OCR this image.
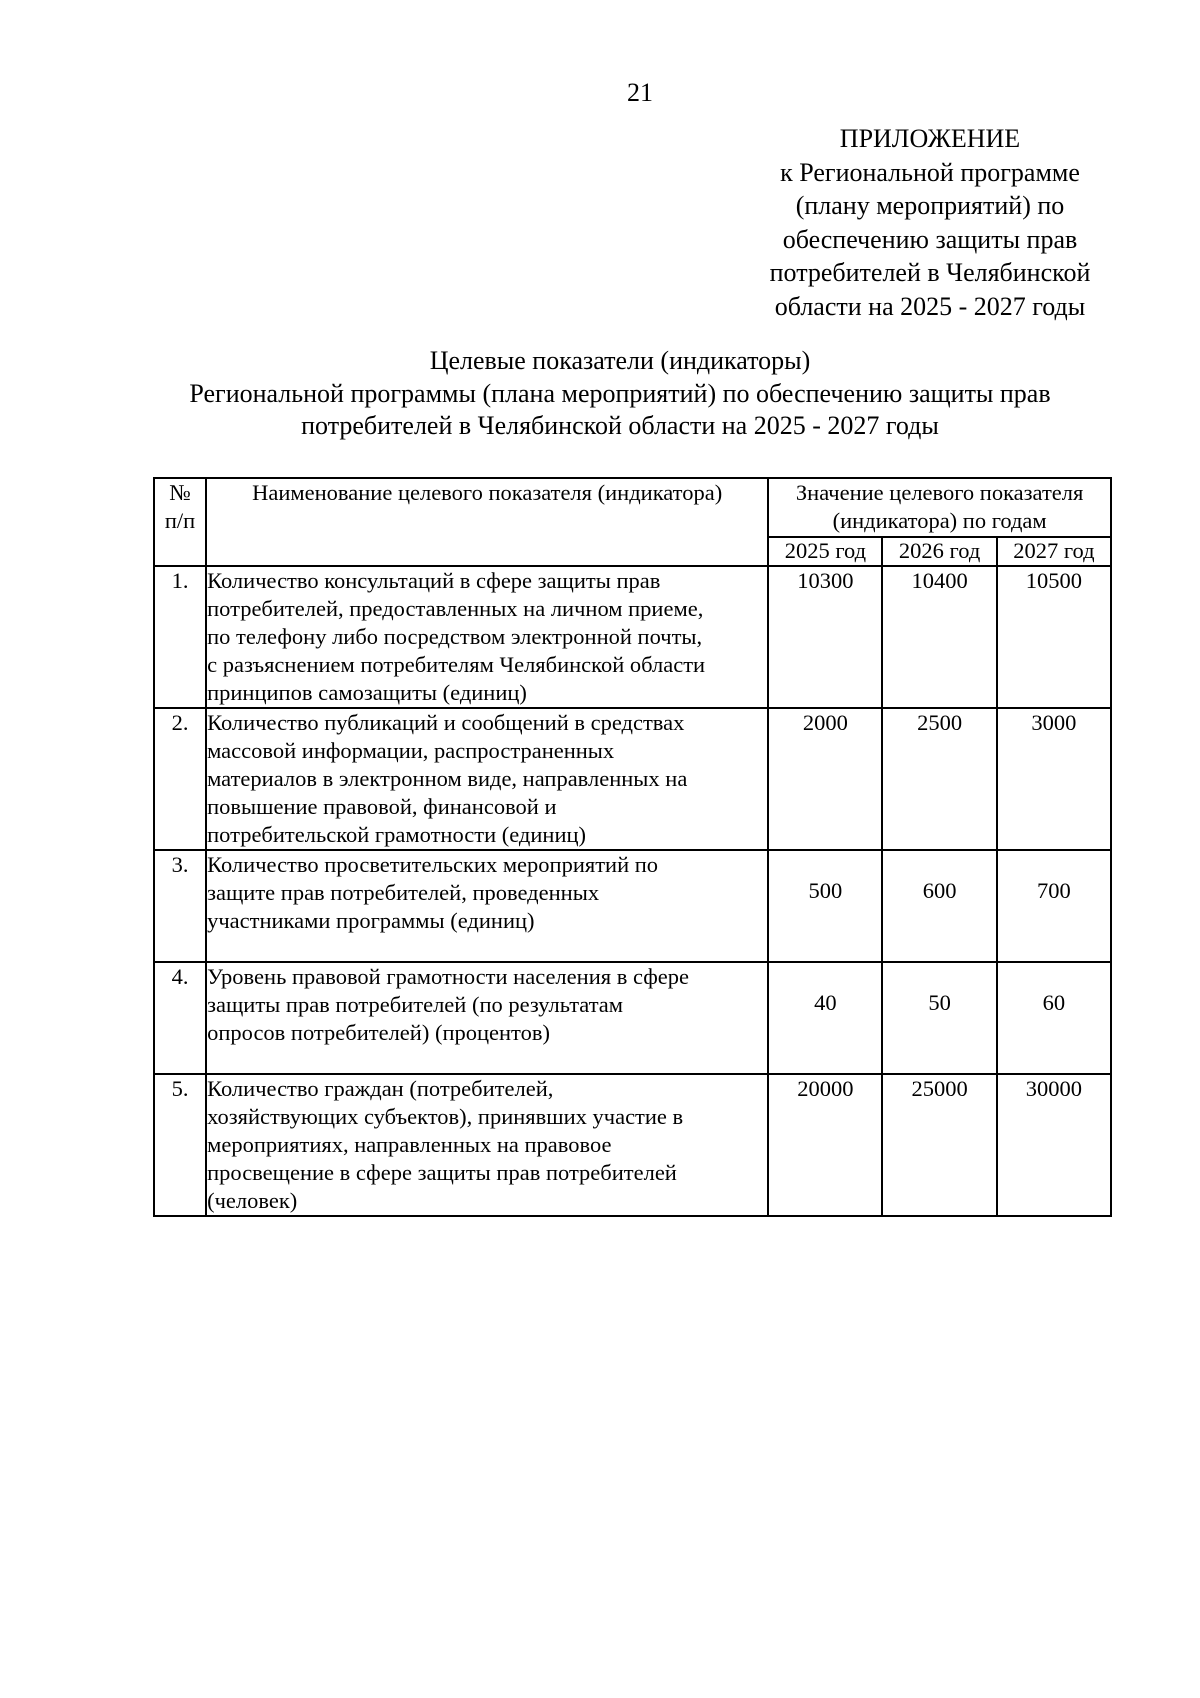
21
ПРИЛОЖЕНИЕ
к Региональной программе
(плану мероприятий) по
обеспечению защиты прав
потребителей в Челябинской
области на 2025 - 2027 годы
Целевые показатели (индикаторы)
Региональной программы (плана мероприятий) по обеспечению защиты прав
потребителей в Челябинской области на 2025 - 2027 годы
№
п/п	Наименование целевого показателя (индикатора)	Значение целевого показателя
(индикатора) по годам		

		2025 год	2026 год	2027 год
1.	Количество консультаций в сфере защиты прав
потребителей, предоставленных на личном приеме,
по телефону либо посредством электронной почты,
с разъяснением потребителям Челябинской области
принципов самозащиты (единиц)	10300	10400	10500
2.	Количество публикаций и сообщений в средствах
массовой информации, распространенных
материалов в электронном виде, направленных на
повышение правовой, финансовой и
потребительской грамотности (единиц)	2000	2500	3000
3.	Количество просветительских мероприятий по
защите прав потребителей, проведенных
участниками программы (единиц)	500	600	700
4.	Уровень правовой грамотности населения в сфере
защиты прав потребителей (по результатам
опросов потребителей) (процентов)	40	50	60
5.	Количество граждан (потребителей,
хозяйствующих субъектов), принявших участие в
мероприятиях, направленных на правовое
просвещение в сфере защиты прав потребителей
(человек)	20000	25000	30000
